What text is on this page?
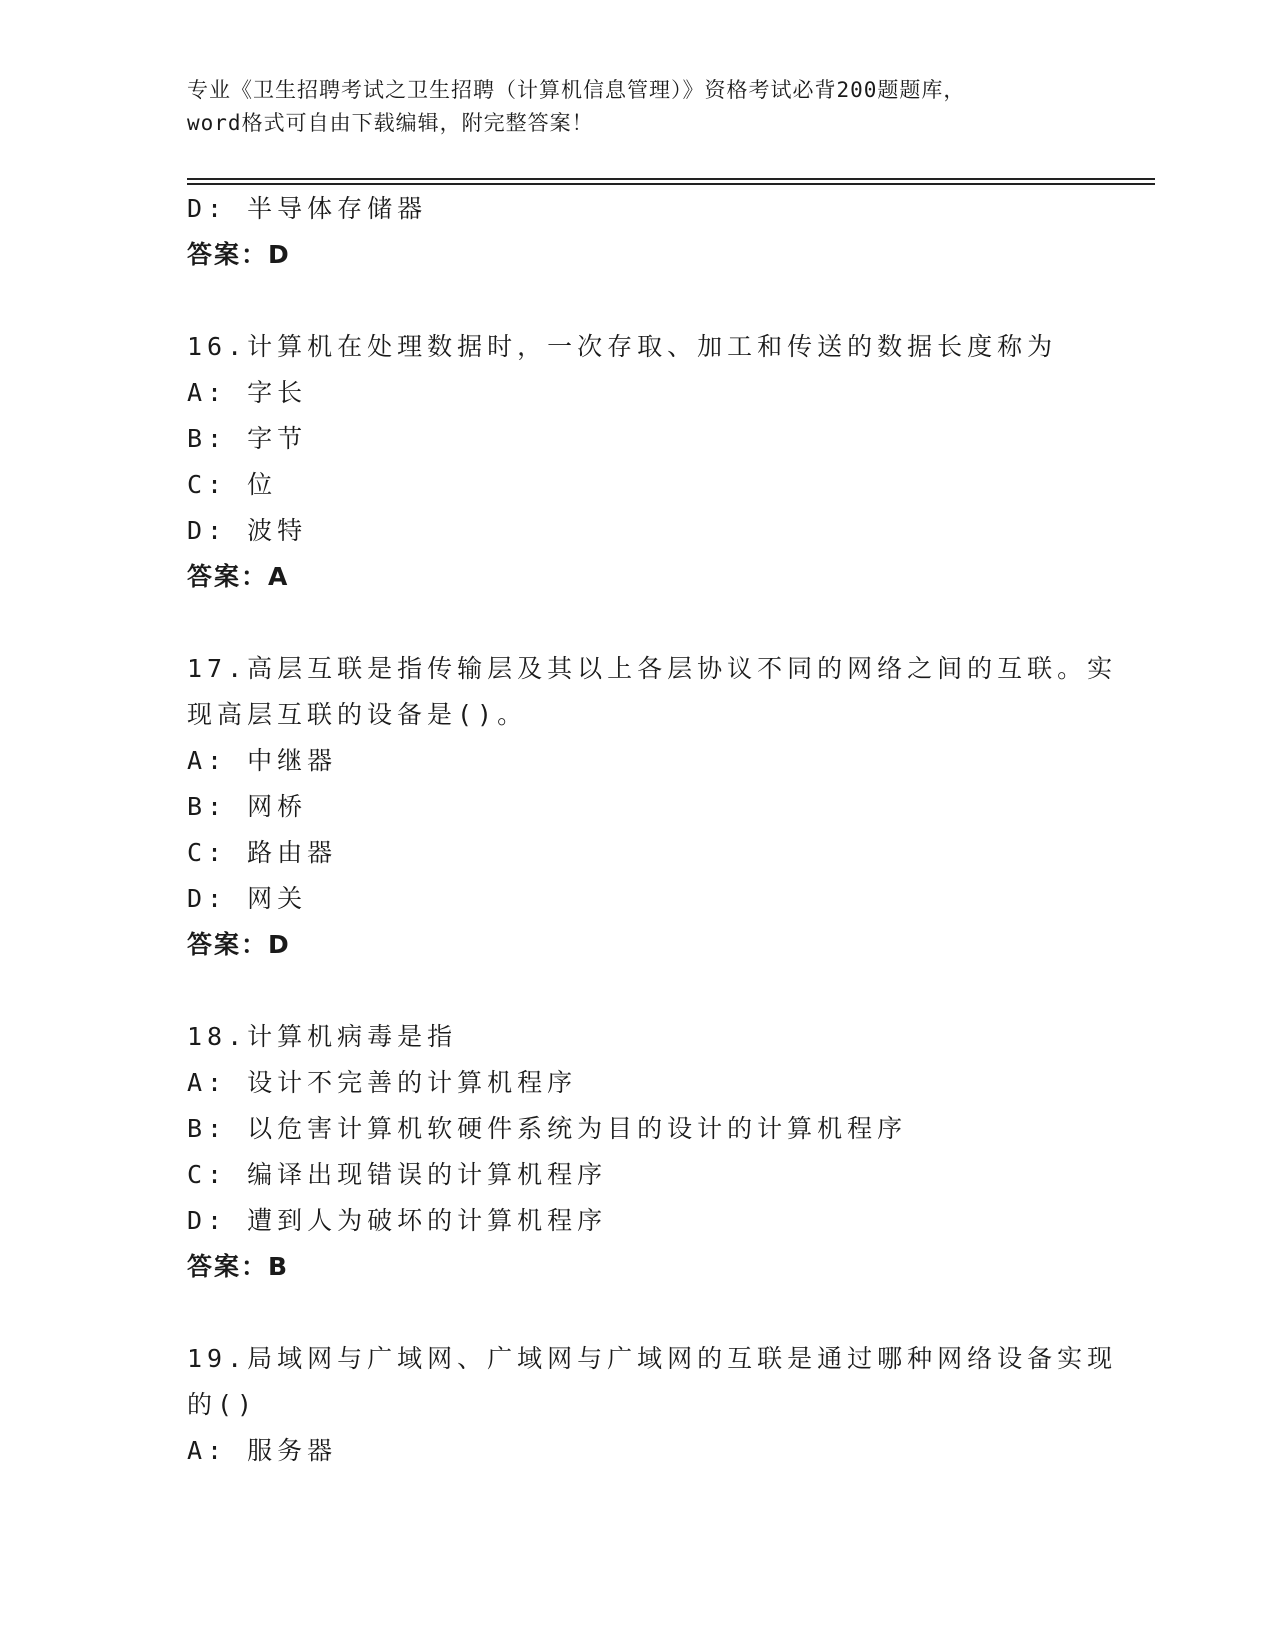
专业《卫生招聘考试之卫生招聘（计算机信息管理）》资格考试必背200题题库，
word格式可自由下载编辑，附完整答案！
D: 半导体存储器
答案：D
16.计算机在处理数据时，一次存取、加工和传送的数据长度称为
A: 字长
B: 字节
C: 位
D: 波特
答案：A
17.高层互联是指传输层及其以上各层协议不同的网络之间的互联。实
现高层互联的设备是()。
A: 中继器
B: 网桥
C: 路由器
D: 网关
答案：D
18.计算机病毒是指
A: 设计不完善的计算机程序
B: 以危害计算机软硬件系统为目的设计的计算机程序
C: 编译出现错误的计算机程序
D: 遭到人为破坏的计算机程序
答案：B
19.局域网与广域网、广域网与广域网的互联是通过哪种网络设备实现
的()
A: 服务器
